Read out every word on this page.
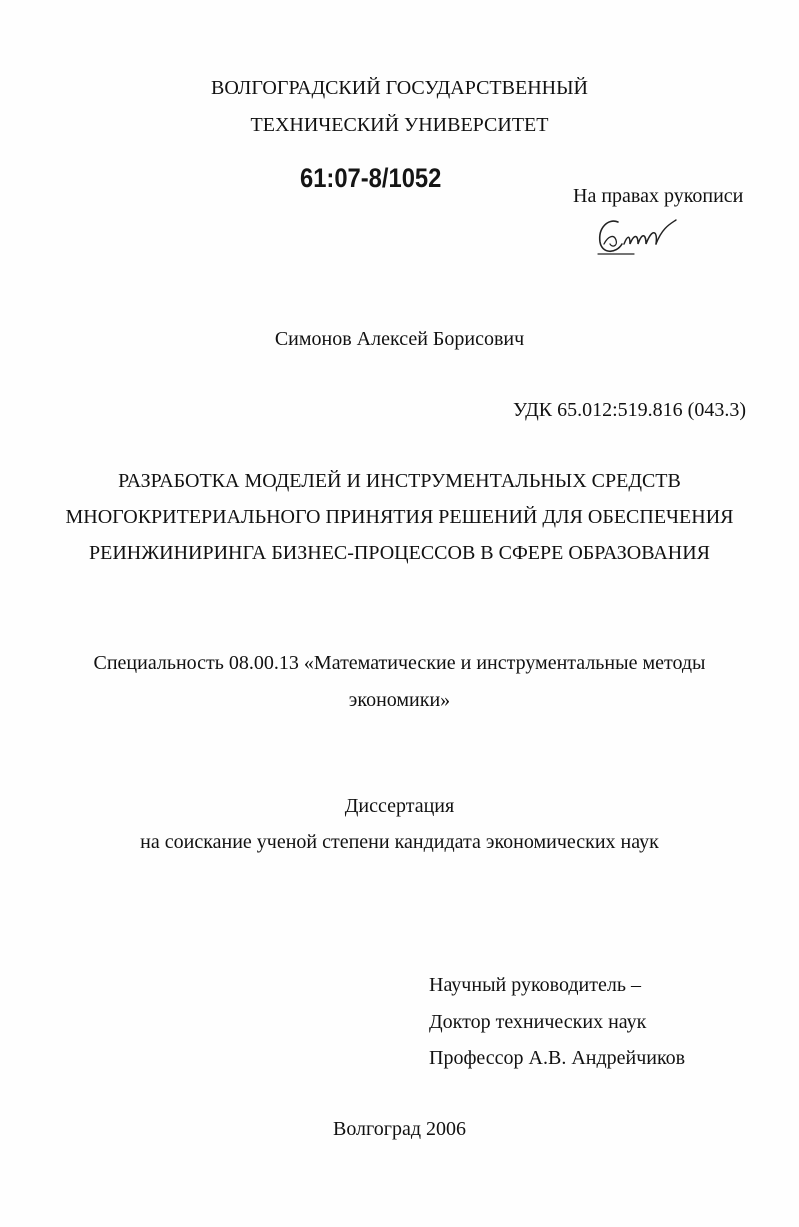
ВОЛГОГРАДСКИЙ ГОСУДАРСТВЕННЫЙ
ТЕХНИЧЕСКИЙ УНИВЕРСИТЕТ
61:07-8/1052
На правах рукописи
Симонов Алексей Борисович
УДК 65.012:519.816 (043.3)
РАЗРАБОТКА МОДЕЛЕЙ И ИНСТРУМЕНТАЛЬНЫХ СРЕДСТВ
МНОГОКРИТЕРИАЛЬНОГО ПРИНЯТИЯ РЕШЕНИЙ ДЛЯ ОБЕСПЕЧЕНИЯ
РЕИНЖИНИРИНГА БИЗНЕС-ПРОЦЕССОВ В СФЕРЕ ОБРАЗОВАНИЯ
Специальность 08.00.13 «Математические и инструментальные методы
экономики»
Диссертация
на соискание ученой степени кандидата экономических наук
Научный руководитель –
Доктор технических наук
Профессор А.В. Андрейчиков
Волгоград 2006
